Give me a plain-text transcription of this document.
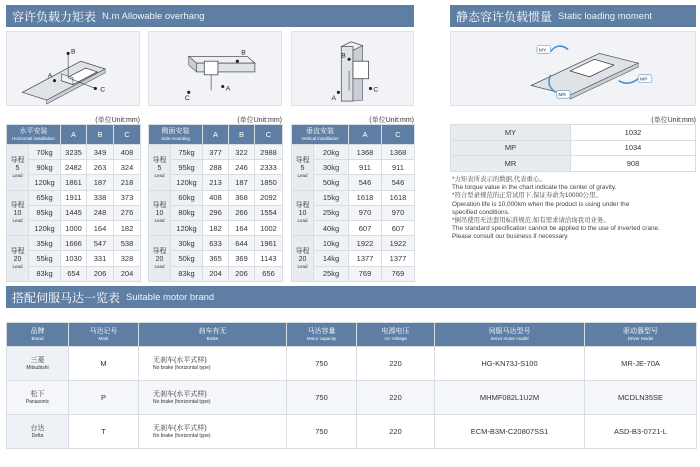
容许负载力矩表 N.m Allowable overhang
C
B
A
A
C
B	B
A
C
(单位Unit:mm)	(单位Unit:mm)	(单位Unit:mm)
水平安装
Horizontal installation		A	B	C

导程
5
Lead	70kg	3235	349	408
	90kg	2482	263	324
	120kg	1861	187	218

导程
10
Lead	65kg	1911	338	373
	85kg	1445	248	276
	120kg	1000	164	182

导程
20
Lead	35kg	1666	547	538
	55kg	1030	331	328
	83kg	654	206	204
侧面安装
Side mounting		A	B	C

导程
5
Lead	75kg	377	322	2988
	95kg	288	246	2333
	120kg	213	187	1850

导程
10
Lead	60kg	408	368	2092
	80kg	296	266	1554
	120kg	182	164	1002

导程
20
Lead	30kg	633	644	1961
	50kg	365	369	1143
	83kg	204	206	656
垂直安装
Vertical installation		A	C

导程
5
Lead	20kg	1368	1368
	30kg	911	911
	50kg	546	546

导程
10
Lead	15kg	1618	1618
	25kg	970	970
	40kg	607	607

导程
20
Lead	10kg	1922	1922
	14kg	1377	1377
	25kg	769	769
静态容许负载惯量 Static loading moment
MY
MR
MP
(单位Unit:mm)
MY	1032
MP	1034
MR	908

*力矩表所表示的数据,代表重心。

The torque value in the chart indicate the center of gravity.

*符合型录规范的正常试用下,保证寿命为10000公里。

Operation life is 10,000km when the product is using under the

specified conditions.

*倒吊使用无法套用标准规范,如有需求请洽询我司业务。

The standard specification cannot be applied to the use of inverted crane.

Please consult our business if necessary.

搭配伺服马达一览表 Suitable motor brand
品牌
Brand	马达记号
Mark	刹车有无
Brake	马达容量
Motor capacity	电源电压
AC-Voltage	伺服马达型号
Servo motor model	驱动器型号
Driver Model

三菱
Mitsubishi	M	无刹车(水平式样)
No brake (horizontal type)	750	220	HG-KN73J-S100	MR-JE-70A

松下
Panasonic	P	无刹车(水平式样)
No brake (horizontal type)	750	220	MHMF082L1U2M	MCDLN35SE

台达
Delta	T	无刹车(水平式样)
No brake (horizontal type)	750	220	ECM-B3M-C20807SS1	ASD-B3-0721-L
